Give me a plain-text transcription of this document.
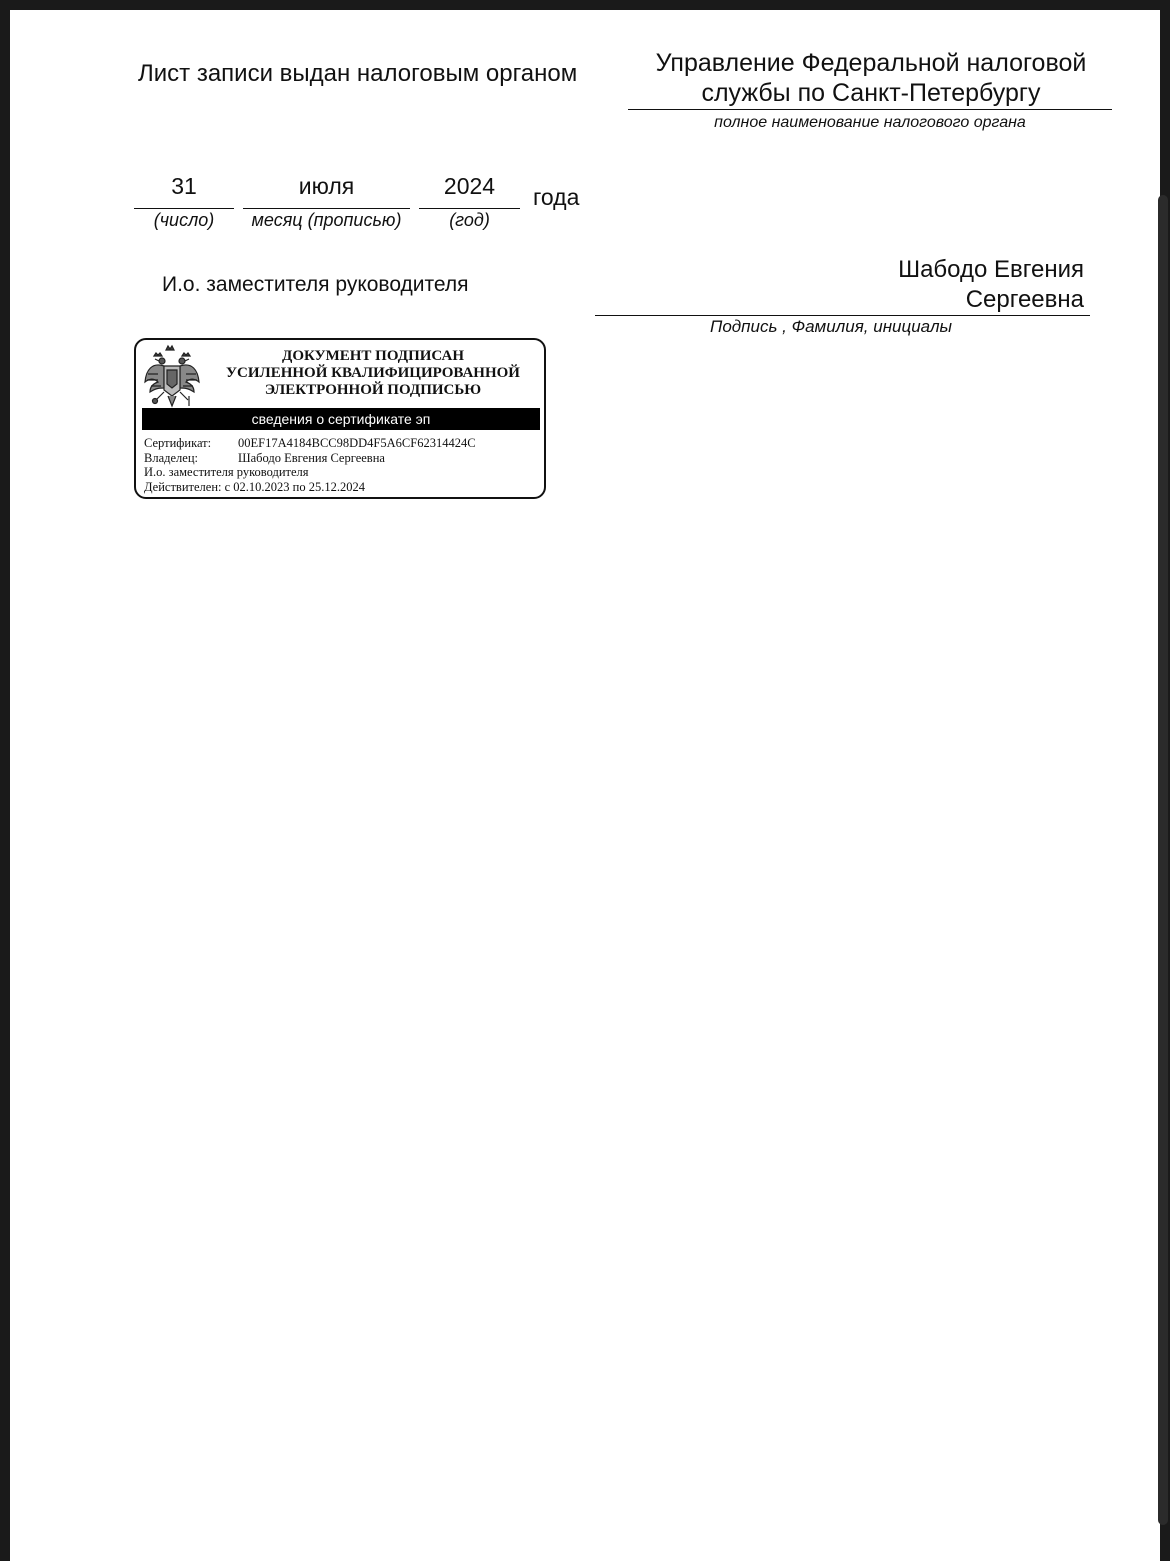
Лист записи выдан налоговым органом	Управление Федеральной налоговой
службы по Санкт-Петербургу
полное наименование налогового органа
31
(число)
июля
месяц (прописью)
2024
(год)
года
И.о. заместителя руководителя
Шабодо Евгения
Сергеевна
Подпись , Фамилия, инициалы
ДОКУМЕНТ ПОДПИСАН
УСИЛЕННОЙ КВАЛИФИЦИРОВАННОЙ
ЭЛЕКТРОННОЙ ПОДПИСЬЮ
сведения о сертификате эп
Сертификат: 00EF17A4184BCC98DD4F5A6CF62314424C
Владелец:	Шабодо Евгения Сергеевна
И.о. заместителя руководителя
Действителен: с 02.10.2023 по 25.12.2024
